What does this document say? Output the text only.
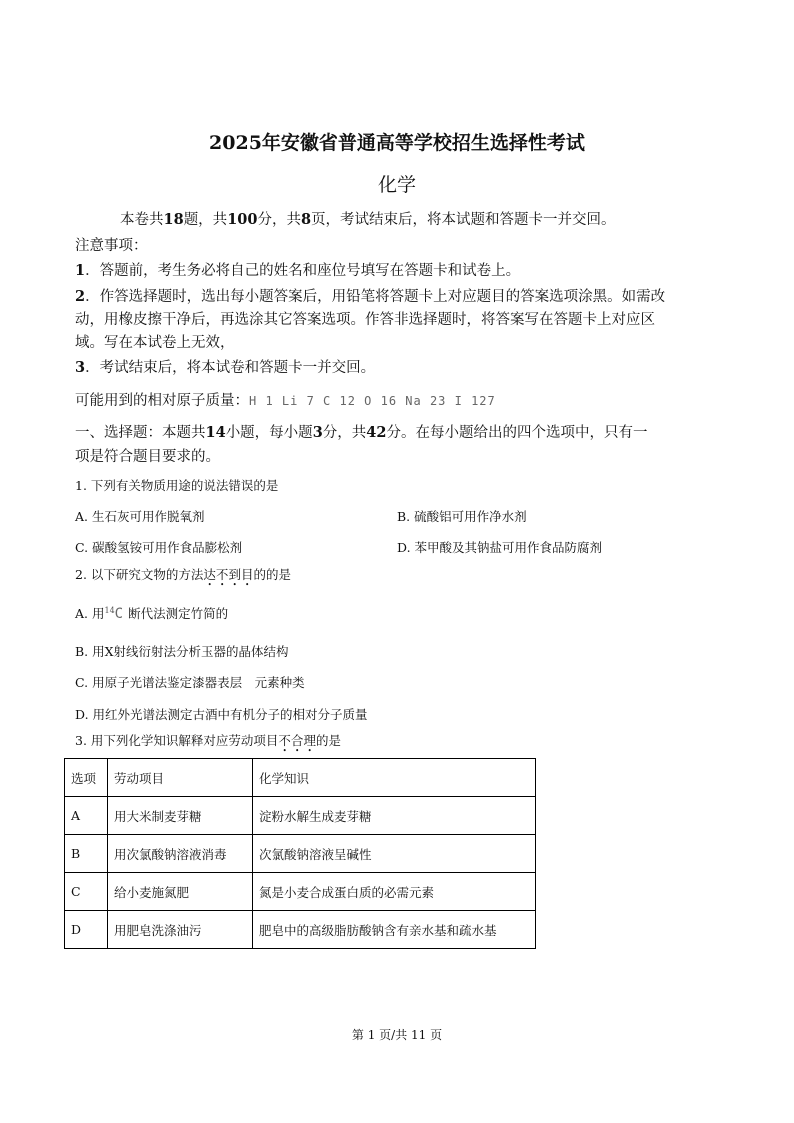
2025年安徽省普通高等学校招生选择性考试
化学
本卷共18题，共100分，共8页，考试结束后，将本试题和答题卡一并交回。
注意事项：
1．答题前，考生务必将自己的姓名和座位号填写在答题卡和试卷上。
2．作答选择题时，选出每小题答案后，用铅笔将答题卡上对应题目的答案选项涂黑。如需改
动，用橡皮擦干净后，再选涂其它答案选项。作答非选择题时，将答案写在答题卡上对应区
域。写在本试卷上无效，
3．考试结束后，将本试卷和答题卡一并交回。
可能用到的相对原子质量：H 1 Li 7 C 12 O 16 Na 23 I 127
一、选择题：本题共14小题，每小题3分，共42分。在每小题给出的四个选项中，只有一
项是符合题目要求的。
1. 下列有关物质用途的说法错误的是
A. 生石灰可用作脱氧剂	B. 硫酸铝可用作净水剂
C. 碳酸氢铵可用作食品膨松剂	D. 苯甲酸及其钠盐可用作食品防腐剂
2. 以下研究文物的方法达不到目的的是
A. 用$^{14}$C 断代法测定竹简的
B. 用X射线衍射法分析玉器的晶体结构
C. 用原子光谱法鉴定漆器表层　元素种类
D. 用红外光谱法测定古酒中有机分子的相对分子质量
3. 用下列化学知识解释对应劳动项目不合理的是
选项	劳动项目	化学知识
A	用大米制麦芽糖	淀粉水解生成麦芽糖
B	用次氯酸钠溶液消毒	次氯酸钠溶液呈碱性
C	给小麦施氮肥	氮是小麦合成蛋白质的必需元素
D	用肥皂洗涤油污	肥皂中的高级脂肪酸钠含有亲水基和疏水基
第 1 页/共 11 页
